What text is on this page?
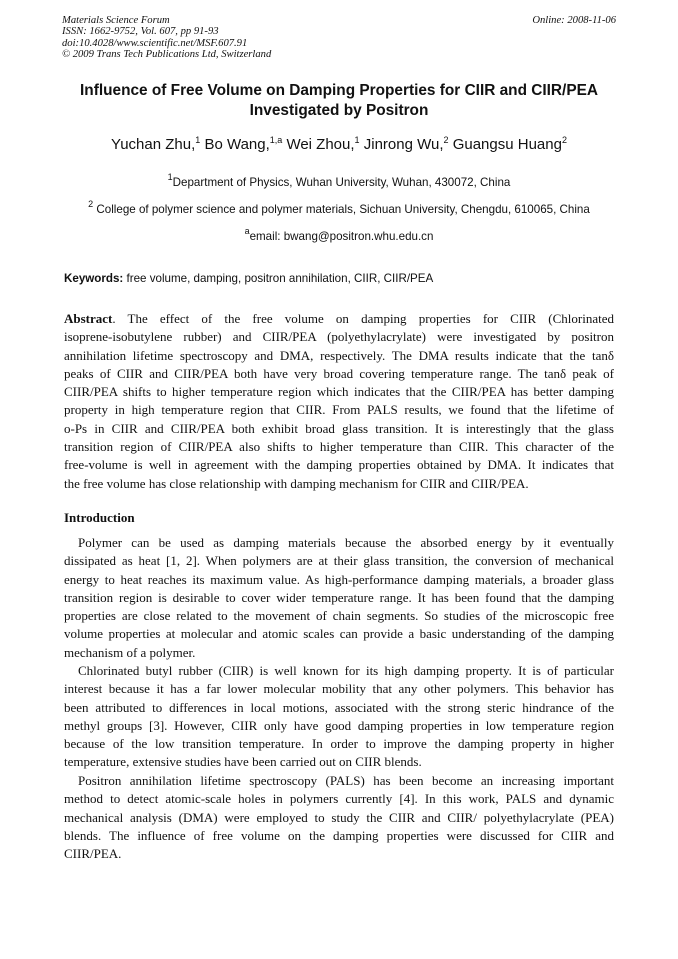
Materials Science Forum
ISSN: 1662-9752, Vol. 607, pp 91-93
doi:10.4028/www.scientific.net/MSF.607.91
© 2009 Trans Tech Publications Ltd, Switzerland
Online: 2008-11-06
Influence of Free Volume on Damping Properties for CIIR and CIIR/PEA
Investigated by Positron
Yuchan Zhu,$^1$ Bo Wang,$^{1,a}$ Wei Zhou,$^1$ Jinrong Wu,$^2$ Guangsu Huang$^2$
$^1$Department of Physics, Wuhan University, Wuhan, 430072, China
$^2$ College of polymer science and polymer materials, Sichuan University, Chengdu, 610065, China
$^a$email: bwang@positron.whu.edu.cn
Keywords: free volume, damping, positron annihilation, CIIR, CIIR/PEA
Abstract. The effect of the free volume on damping properties for CIIR (Chlorinated
isoprene-isobutylene rubber) and CIIR/PEA (polyethylacrylate) were investigated by positron
annihilation lifetime spectroscopy and DMA, respectively. The DMA results indicate that the tanδ
peaks of CIIR and CIIR/PEA both have very broad covering temperature range. The tanδ peak of
CIIR/PEA shifts to higher temperature region which indicates that the CIIR/PEA has better damping
property in high temperature region that CIIR. From PALS results, we found that the lifetime of
o-Ps in CIIR and CIIR/PEA both exhibit broad glass transition. It is interestingly that the glass
transition region of CIIR/PEA also shifts to higher temperature than CIIR. This character of the
free-volume is well in agreement with the damping properties obtained by DMA. It indicates that
the free volume has close relationship with damping mechanism for CIIR and CIIR/PEA.
Introduction
Polymer can be used as damping materials because the absorbed energy by it eventually
dissipated as heat [1, 2]. When polymers are at their glass transition, the conversion of mechanical
energy to heat reaches its maximum value. As high-performance damping materials, a broader glass
transition region is desirable to cover wider temperature range. It has been found that the damping
properties are close related to the movement of chain segments. So studies of the microscopic free
volume properties at molecular and atomic scales can provide a basic understanding of the damping
mechanism of a polymer.
Chlorinated butyl rubber (CIIR) is well known for its high damping property. It is of particular
interest because it has a far lower molecular mobility that any other polymers. This behavior has
been attributed to differences in local motions, associated with the strong steric hindrance of the
methyl groups [3]. However, CIIR only have good damping properties in low temperature region
because of the low transition temperature. In order to improve the damping property in higher
temperature, extensive studies have been carried out on CIIR blends.
Positron annihilation lifetime spectroscopy (PALS) has been become an increasing important
method to detect atomic-scale holes in polymers currently [4]. In this work, PALS and dynamic
mechanical analysis (DMA) were employed to study the CIIR and CIIR/ polyethylacrylate (PEA)
blends. The influence of free volume on the damping properties were discussed for CIIR and
CIIR/PEA.
